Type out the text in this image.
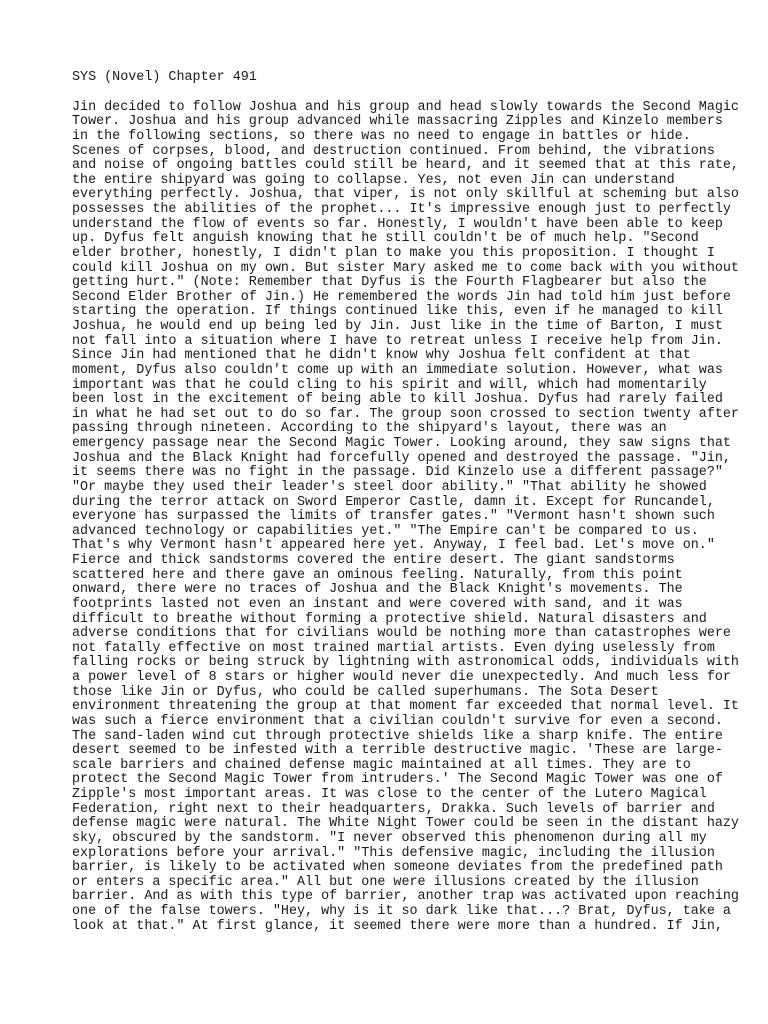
SYS (Novel) Chapter 491
Jin decided to follow Joshua and his group and head slowly towards the Second Magic
Tower. Joshua and his group advanced while massacring Zipples and Kinzelo members
in the following sections, so there was no need to engage in battles or hide.
Scenes of corpses, blood, and destruction continued. From behind, the vibrations
and noise of ongoing battles could still be heard, and it seemed that at this rate,
the entire shipyard was going to collapse. Yes, not even Jin can understand
everything perfectly. Joshua, that viper, is not only skillful at scheming but also
possesses the abilities of the prophet... It's impressive enough just to perfectly
understand the flow of events so far. Honestly, I wouldn't have been able to keep
up. Dyfus felt anguish knowing that he still couldn't be of much help. "Second
elder brother, honestly, I didn't plan to make you this proposition. I thought I
could kill Joshua on my own. But sister Mary asked me to come back with you without
getting hurt." (Note: Remember that Dyfus is the Fourth Flagbearer but also the
Second Elder Brother of Jin.) He remembered the words Jin had told him just before
starting the operation. If things continued like this, even if he managed to kill
Joshua, he would end up being led by Jin. Just like in the time of Barton, I must
not fall into a situation where I have to retreat unless I receive help from Jin.
Since Jin had mentioned that he didn't know why Joshua felt confident at that
moment, Dyfus also couldn't come up with an immediate solution. However, what was
important was that he could cling to his spirit and will, which had momentarily
been lost in the excitement of being able to kill Joshua. Dyfus had rarely failed
in what he had set out to do so far. The group soon crossed to section twenty after
passing through nineteen. According to the shipyard's layout, there was an
emergency passage near the Second Magic Tower. Looking around, they saw signs that
Joshua and the Black Knight had forcefully opened and destroyed the passage. "Jin,
it seems there was no fight in the passage. Did Kinzelo use a different passage?"
"Or maybe they used their leader's steel door ability." "That ability he showed
during the terror attack on Sword Emperor Castle, damn it. Except for Runcandel,
everyone has surpassed the limits of transfer gates." "Vermont hasn't shown such
advanced technology or capabilities yet." "The Empire can't be compared to us.
That's why Vermont hasn't appeared here yet. Anyway, I feel bad. Let's move on."
Fierce and thick sandstorms covered the entire desert. The giant sandstorms
scattered here and there gave an ominous feeling. Naturally, from this point
onward, there were no traces of Joshua and the Black Knight's movements. The
footprints lasted not even an instant and were covered with sand, and it was
difficult to breathe without forming a protective shield. Natural disasters and
adverse conditions that for civilians would be nothing more than catastrophes were
not fatally effective on most trained martial artists. Even dying uselessly from
falling rocks or being struck by lightning with astronomical odds, individuals with
a power level of 8 stars or higher would never die unexpectedly. And much less for
those like Jin or Dyfus, who could be called superhumans. The Sota Desert
environment threatening the group at that moment far exceeded that normal level. It
was such a fierce environment that a civilian couldn't survive for even a second.
The sand-laden wind cut through protective shields like a sharp knife. The entire
desert seemed to be infested with a terrible destructive magic. 'These are large-
scale barriers and chained defense magic maintained at all times. They are to
protect the Second Magic Tower from intruders.' The Second Magic Tower was one of
Zipple's most important areas. It was close to the center of the Lutero Magical
Federation, right next to their headquarters, Drakka. Such levels of barrier and
defense magic were natural. The White Night Tower could be seen in the distant hazy
sky, obscured by the sandstorm. "I never observed this phenomenon during all my
explorations before your arrival." "This defensive magic, including the illusion
barrier, is likely to be activated when someone deviates from the predefined path
or enters a specific area." All but one were illusions created by the illusion
barrier. And as with this type of barrier, another trap was activated upon reaching
one of the false towers. "Hey, why is it so dark like that...? Brat, Dyfus, take a
look at that." At first glance, it seemed there were more than a hundred. If Jin,
